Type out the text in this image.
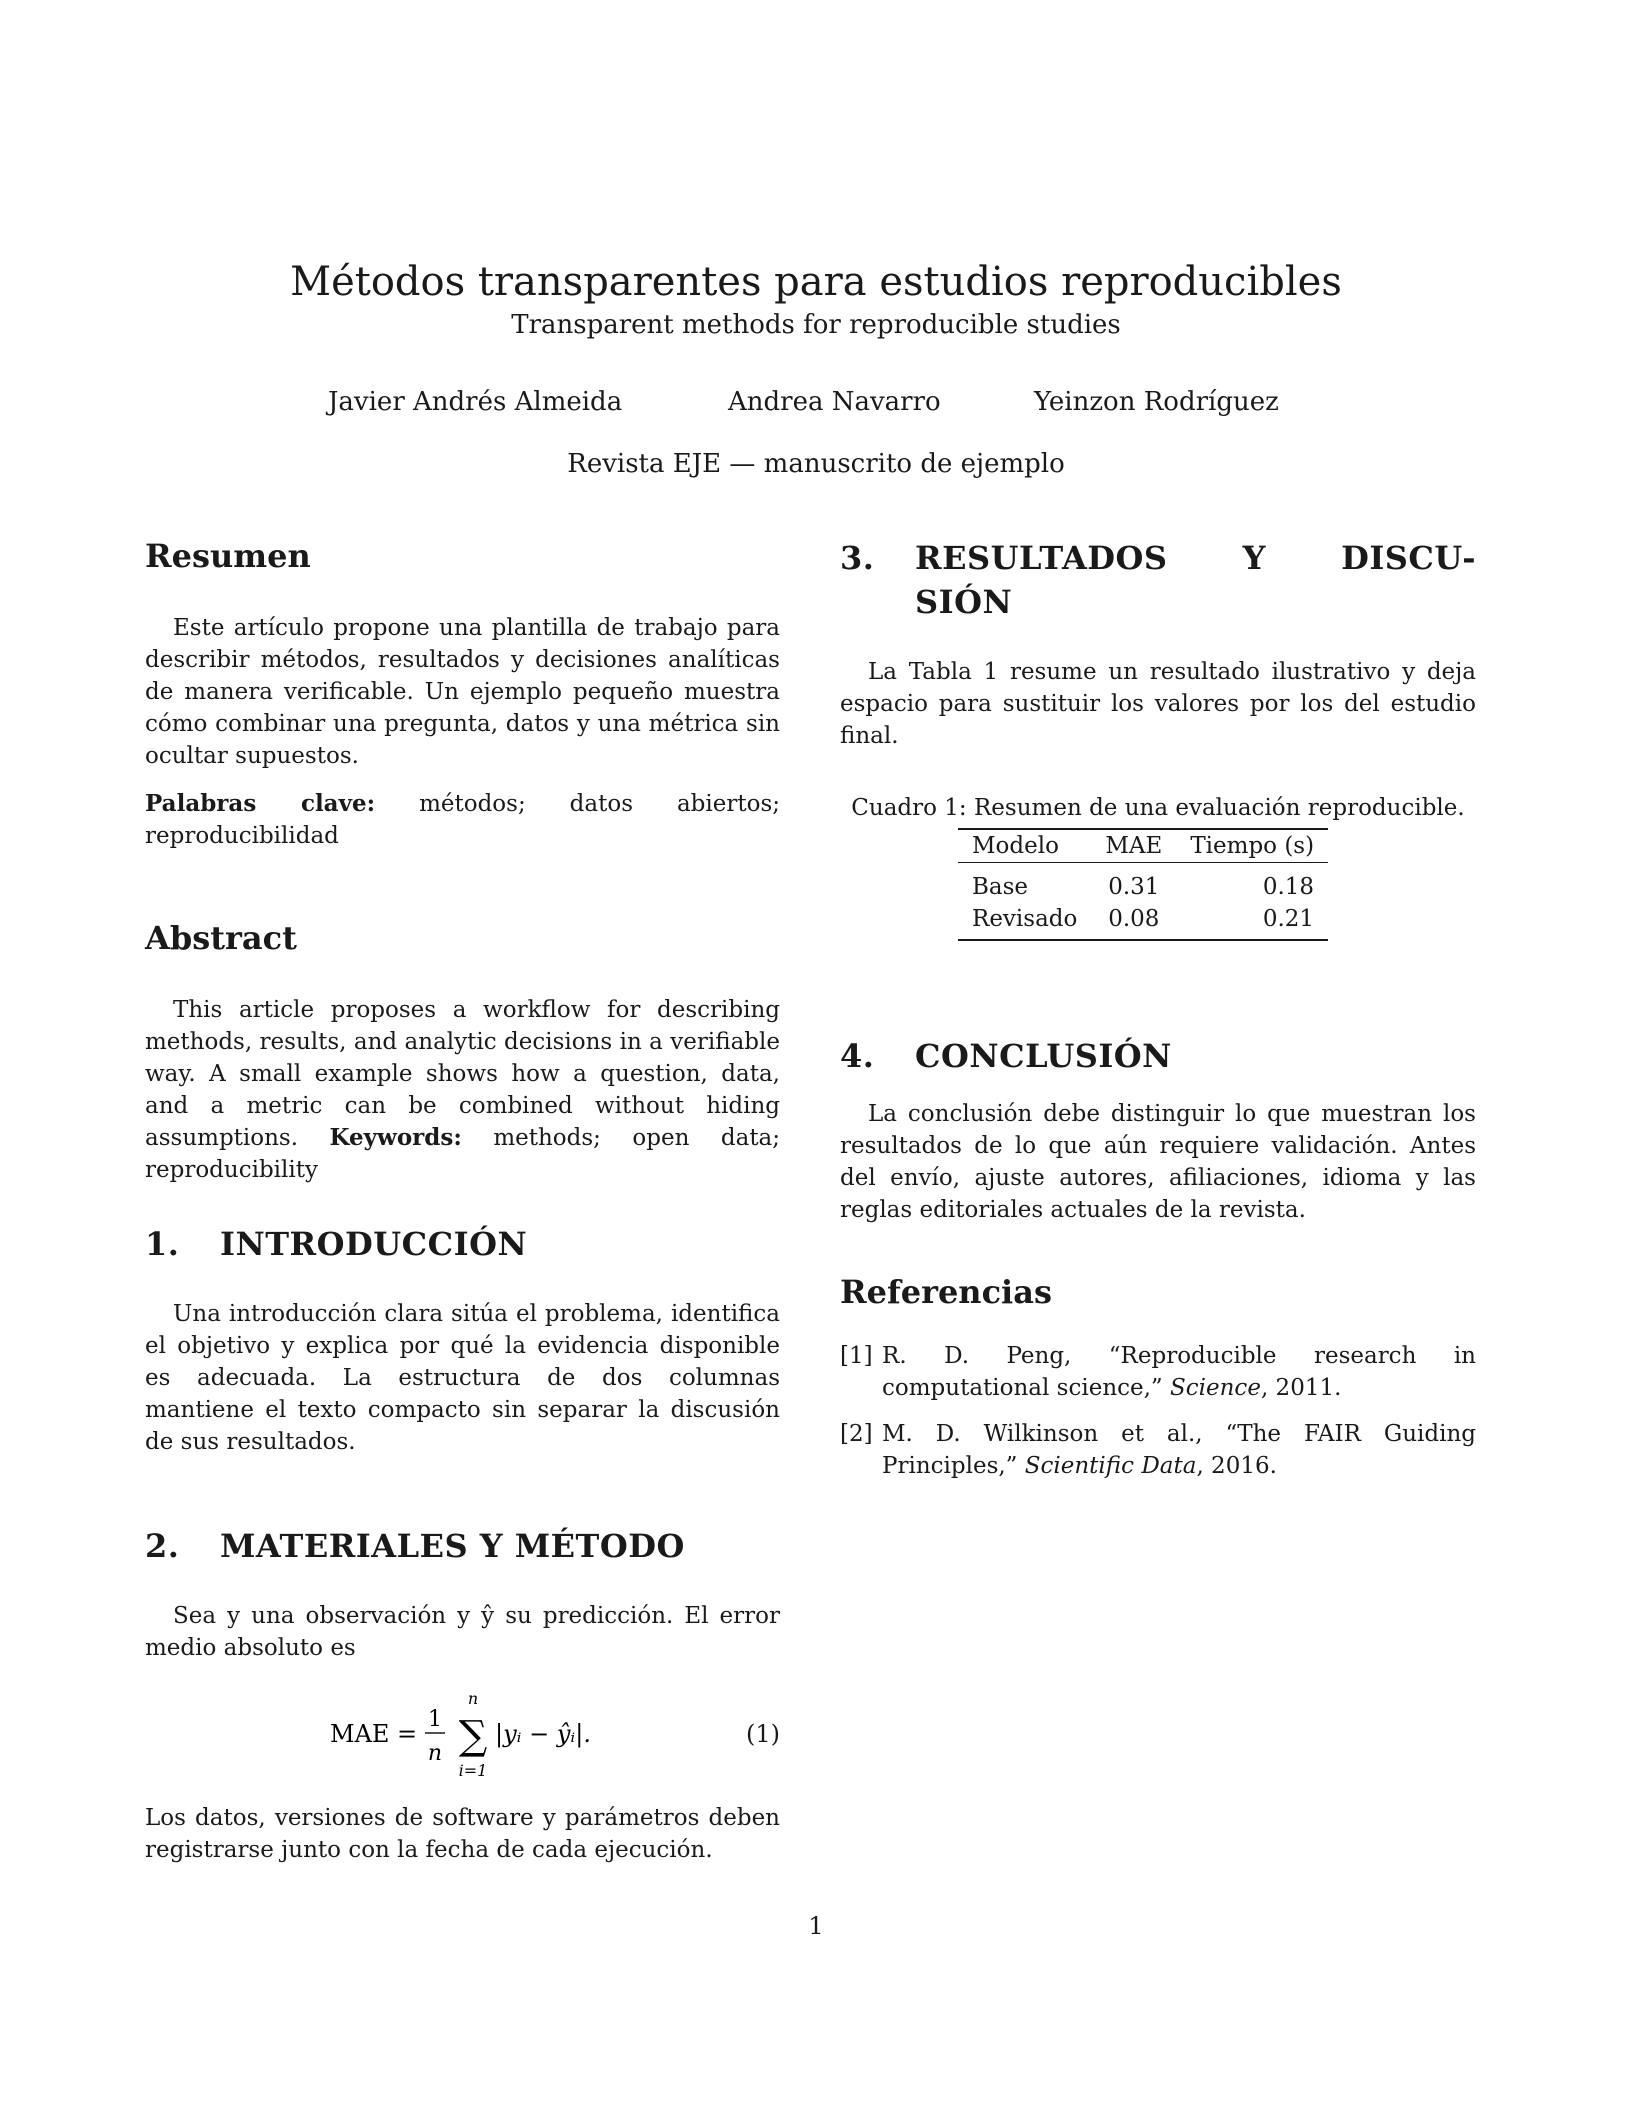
Métodos transparentes para estudios reproducibles
Transparent methods for reproducible studies
Javier Andrés Almeida	Andrea Navarro	Yeinzon Rodríguez
Revista EJE — manuscrito de ejemplo
Resumen

Este artículo propone una plantilla de trabajo para describir métodos, resultados y decisiones analíticas de manera verificable. Un ejemplo pequeño muestra cómo combinar una pregunta, datos y una métrica sin ocultar supuestos.

Palabras clave: métodos; datos abiertos; reproducibilidad

Abstract

This article proposes a workflow for describing methods, results, and analytic decisions in a verifiable way. A small example shows how a question, data, and a metric can be combined without hiding assumptions. Keywords: methods; open data; reproducibility

1. INTRODUCCIÓN

Una introducción clara sitúa el problema, identifica el objetivo y explica por qué la evidencia disponible es adecuada. La estructura de dos columnas mantiene el texto compacto sin separar la discusión de sus resultados.

2. MATERIALES Y MÉTODO

Sea y una observación y ŷ su predicción. El error medio absoluto es

MAE =
1
n
n
∑
i=1
|yᵢ − ŷᵢ|.	(1)

Los datos, versiones de software y parámetros deben registrarse junto con la fecha de cada ejecución.

3. RESULTADOS Y DISCU-
SIÓN

La Tabla 1 resume un resultado ilustrativo y deja espacio para sustituir los valores por los del estudio final.

Cuadro 1: Resumen de una evaluación reproducible.
Modelo	MAE	Tiempo (s)
Base	0.31	0.18
Revisado	0.08	0.21
4. CONCLUSIÓN

La conclusión debe distinguir lo que muestran los resultados de lo que aún requiere validación. Antes del envío, ajuste autores, afiliaciones, idioma y las reglas editoriales actuales de la revista.

Referencias
[1] R. D. Peng, “Reproducible research in computational science,” Science, 2011.
[2] M. D. Wilkinson et al., “The FAIR Guiding Principles,” Scientific Data, 2016.
1
